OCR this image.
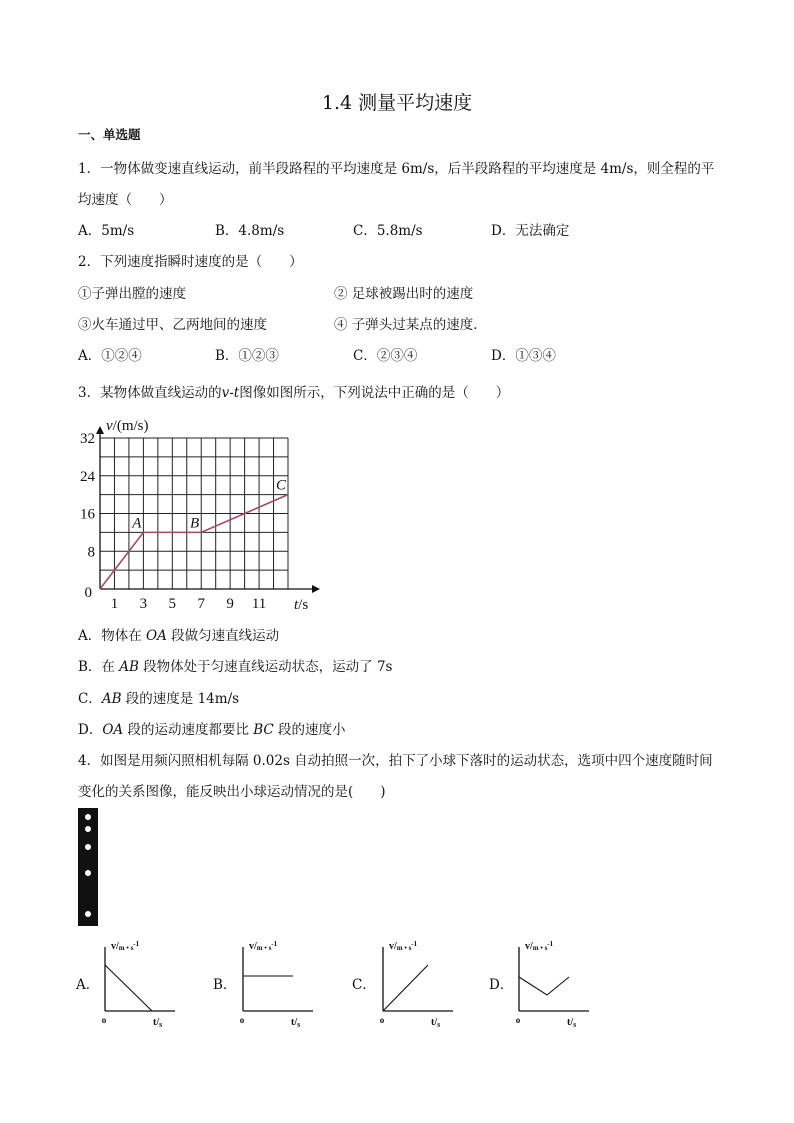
1.4 测量平均速度
一、单选题
1．一物体做变速直线运动，前半段路程的平均速度是 6m/s，后半段路程的平均速度是 4m/s，则全程的平
均速度（　　）
A．5m/s	B．4.8m/s	C．5.8m/s	D．无法确定
2．下列速度指瞬时速度的是（　　）
①子弹出膛的速度	② 足球被踢出时的速度
③火车通过甲、乙两地间的速度	④ 子弹头过某点的速度．
A．①②④	B．①②③	C．②③④	D．①③④
3．某物体做直线运动的v-t图像如图所示，下列说法中正确的是（　　）
1 3 5 7 9 11
8
16
24
32
0
v/(m/s)
t/s
A	B
C
A．物体在 OA 段做匀速直线运动
B．在 AB 段物体处于匀速直线运动状态，运动了 7s
C．AB 段的速度是 14m/s
D．OA 段的运动速度都要比 BC 段的速度小
4．如图是用频闪照相机每隔 0.02s 自动拍照一次，拍下了小球下落时的运动状态，选项中四个速度随时间
变化的关系图像，能反映出小球运动情况的是(　　)
A．	B．	C．	D．
v/m • $s^{-1}$
o	$t/_s$
v/m • $s^{-1}$
o	$t/_s$
v/m • $s^{-1}$
o	$t/_s$
v/m • $s^{-1}$
o	$t/_s$
